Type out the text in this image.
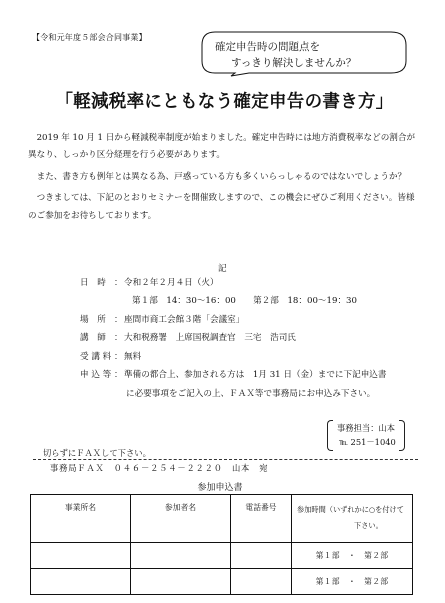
【令和元年度５部会合同事業】
確定申告時の問題点を
すっきり解決しませんか？
「軽減税率にともなう確定申告の書き方」

2019 年 10 月 1 日から軽減税率制度が始まりました。確定申告時には地方消費税率などの割合が異なり、しっかり区分経理を行う必要があります。

また、書き方も例年とは異なる為、戸惑っている方も多くいらっしゃるのではないでしょうか？

つきましては、下記のとおりセミナーを開催致しますので、この機会にぜひご利用ください。皆様のご参加をお待ちしております。

記
日　時 ： 令和２年２月４日（火）
第１部　14：30～16：00　　第２部　18：00～19：30
場　所 ： 座間市商工会館３階「会議室」
講　師 ： 大和税務署　上席国税調査官　三宅　浩司氏
受 講 料 ： 無料
申 込 等 ： 準備の都合上、参加される方は　1月 31 日（金）までに下記申込書
に必要事項をご記入の上、ＦＡＸ等で事務局にお申込み下さい。
事務担当：山本
℡ 251－1040
切らずにＦＡＸして下さい。
事務局ＦＡＸ　０４６－２５４－２２２０　山本　宛
参加申込書
事業所名	参加者名	電話番号	参加時間（いずれかに○を付けて
下さい。

			第１部　・　第２部
			第１部　・　第２部
